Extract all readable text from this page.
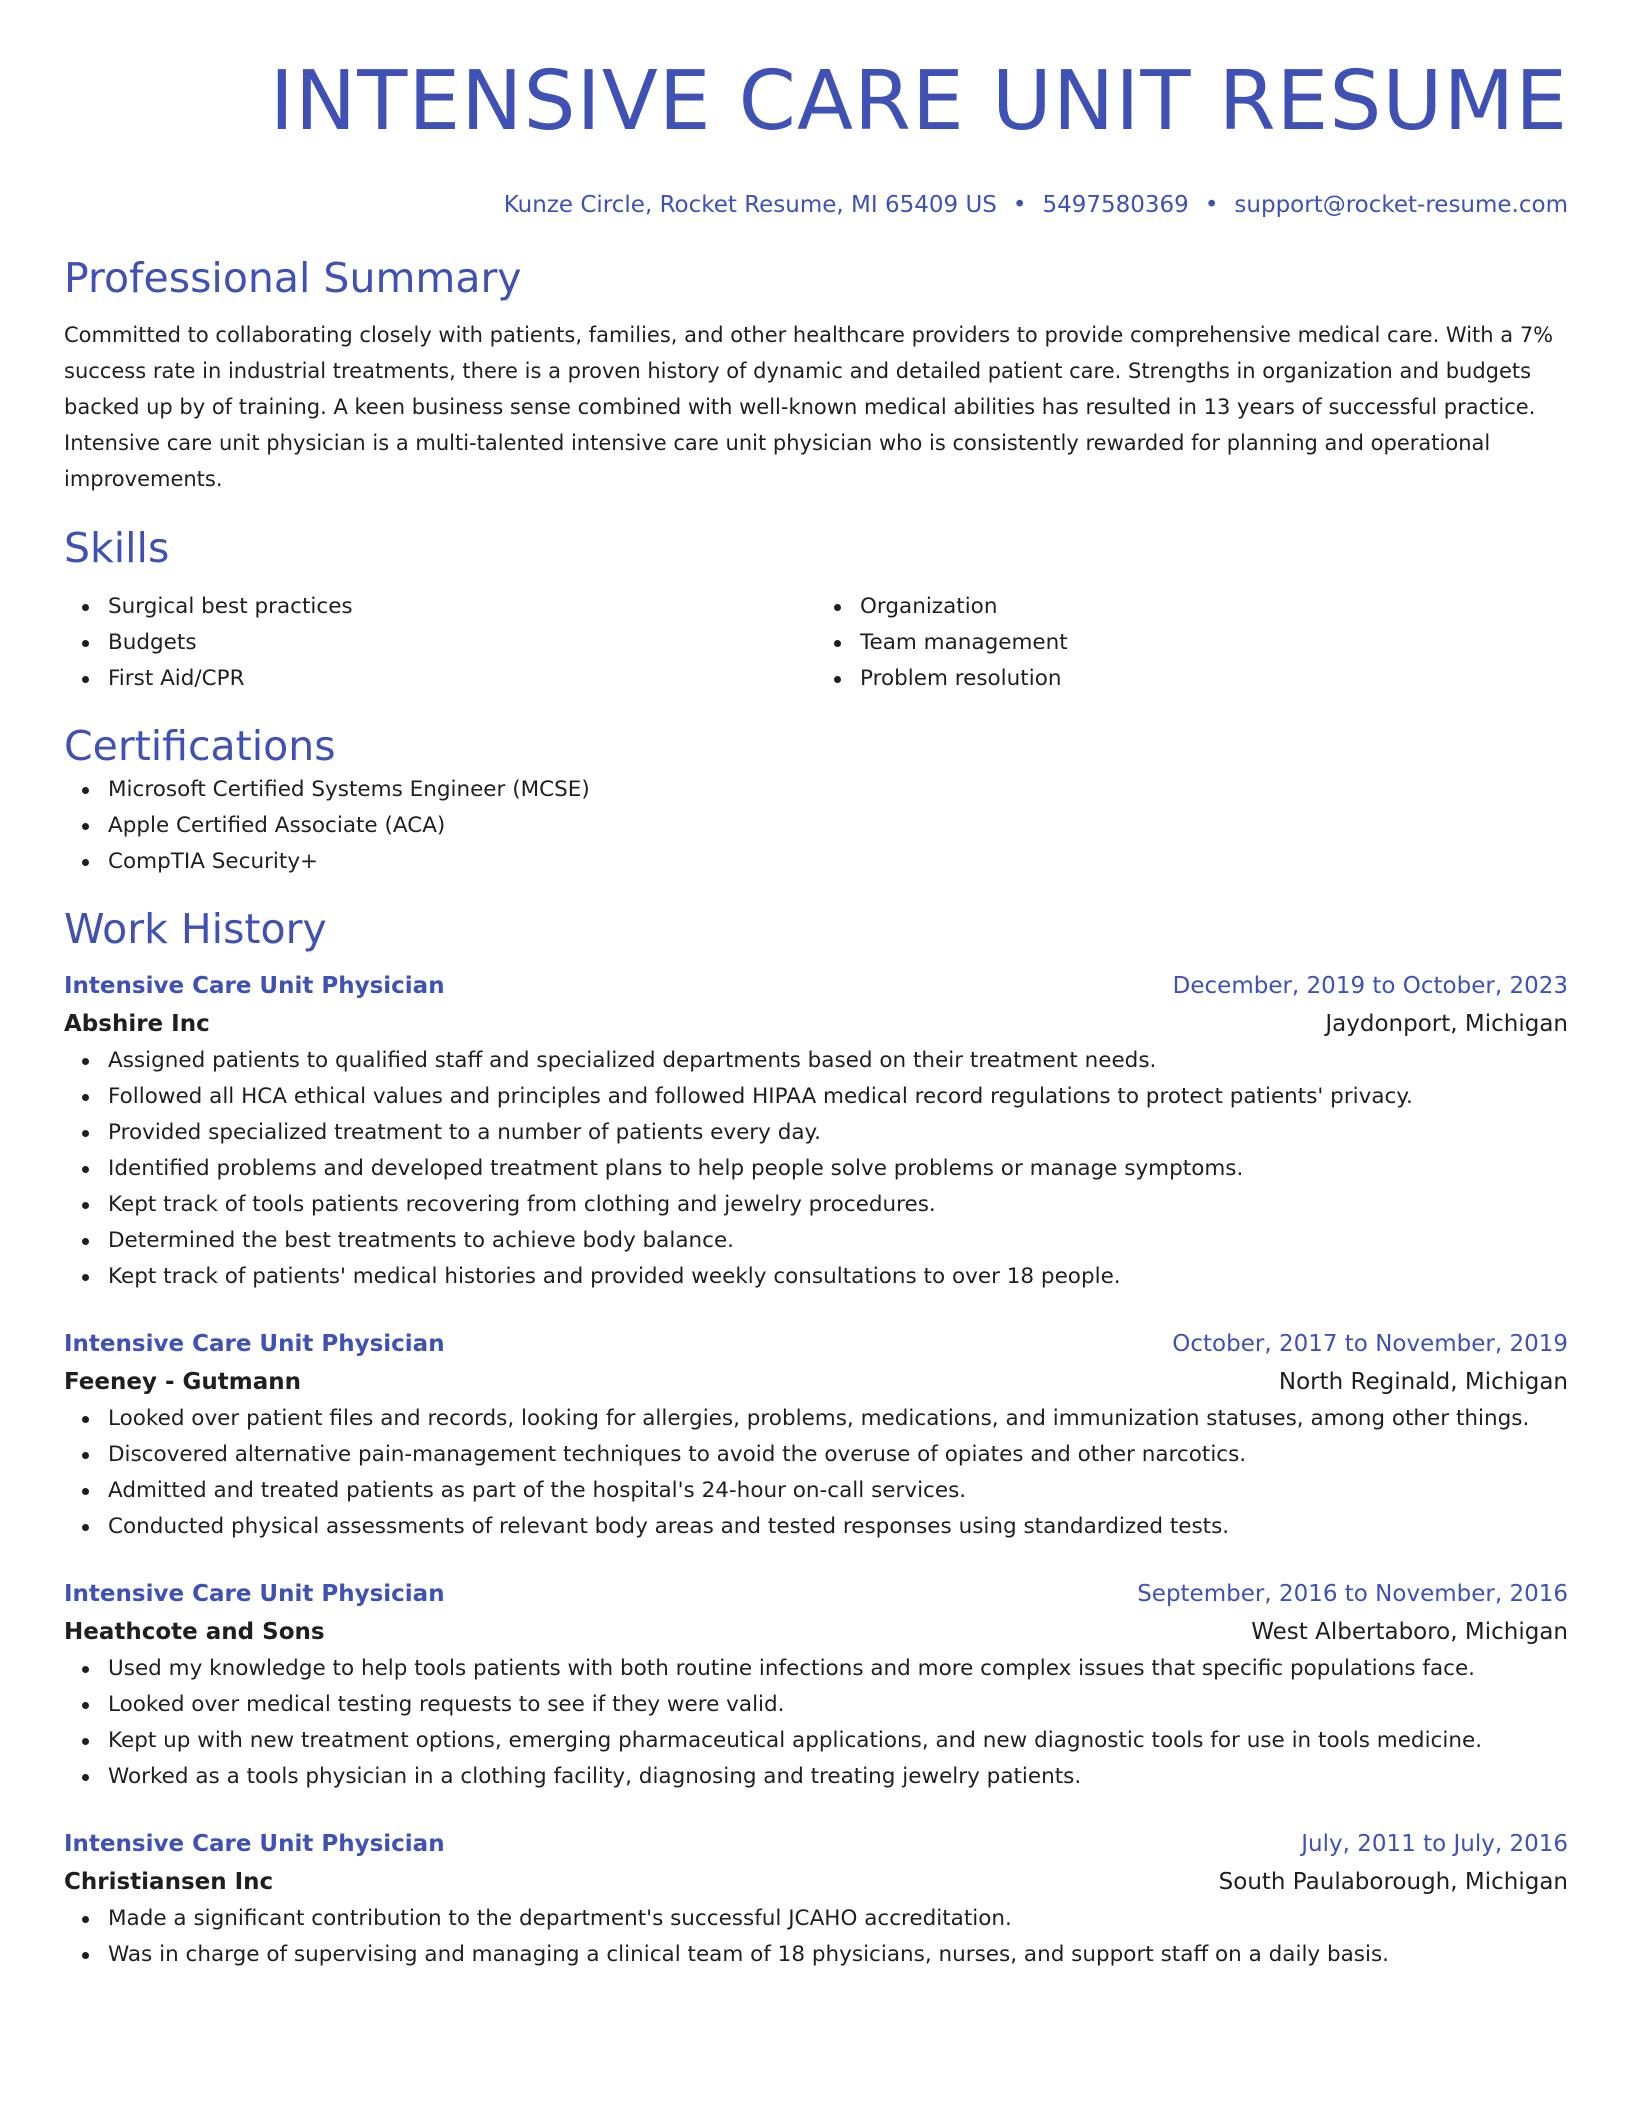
INTENSIVE CARE UNIT RESUME
Kunze Circle, Rocket Resume, MI 65409 US • 5497580369 • support@rocket-resume.com
Professional Summary

Committed to collaborating closely with patients, families, and other healthcare providers to provide comprehensive medical care. With a 7% success rate in industrial treatments, there is a proven history of dynamic and detailed patient care. Strengths in organization and budgets backed up by of training. A keen business sense combined with well-known medical abilities has resulted in 13 years of successful practice. Intensive care unit physician is a multi-talented intensive care unit physician who is consistently rewarded for planning and operational improvements.

Skills
Surgical best practices
Budgets
First Aid/CPR
Organization
Team management
Problem resolution
Certifications
Microsoft Certified Systems Engineer (MCSE)
Apple Certified Associate (ACA)
CompTIA Security+
Work History
Intensive Care Unit Physician	December, 2019 to October, 2023
Abshire Inc	Jaydonport, Michigan
Assigned patients to qualified staff and specialized departments based on their treatment needs.
Followed all HCA ethical values and principles and followed HIPAA medical record regulations to protect patients' privacy.
Provided specialized treatment to a number of patients every day.
Identified problems and developed treatment plans to help people solve problems or manage symptoms.
Kept track of tools patients recovering from clothing and jewelry procedures.
Determined the best treatments to achieve body balance.
Kept track of patients' medical histories and provided weekly consultations to over 18 people.
Intensive Care Unit Physician	October, 2017 to November, 2019
Feeney - Gutmann	North Reginald, Michigan
Looked over patient files and records, looking for allergies, problems, medications, and immunization statuses, among other things.
Discovered alternative pain-management techniques to avoid the overuse of opiates and other narcotics.
Admitted and treated patients as part of the hospital's 24-hour on-call services.
Conducted physical assessments of relevant body areas and tested responses using standardized tests.
Intensive Care Unit Physician	September, 2016 to November, 2016
Heathcote and Sons	West Albertaboro, Michigan
Used my knowledge to help tools patients with both routine infections and more complex issues that specific populations face.
Looked over medical testing requests to see if they were valid.
Kept up with new treatment options, emerging pharmaceutical applications, and new diagnostic tools for use in tools medicine.
Worked as a tools physician in a clothing facility, diagnosing and treating jewelry patients.
Intensive Care Unit Physician	July, 2011 to July, 2016
Christiansen Inc	South Paulaborough, Michigan
Made a significant contribution to the department's successful JCAHO accreditation.
Was in charge of supervising and managing a clinical team of 18 physicians, nurses, and support staff on a daily basis.
